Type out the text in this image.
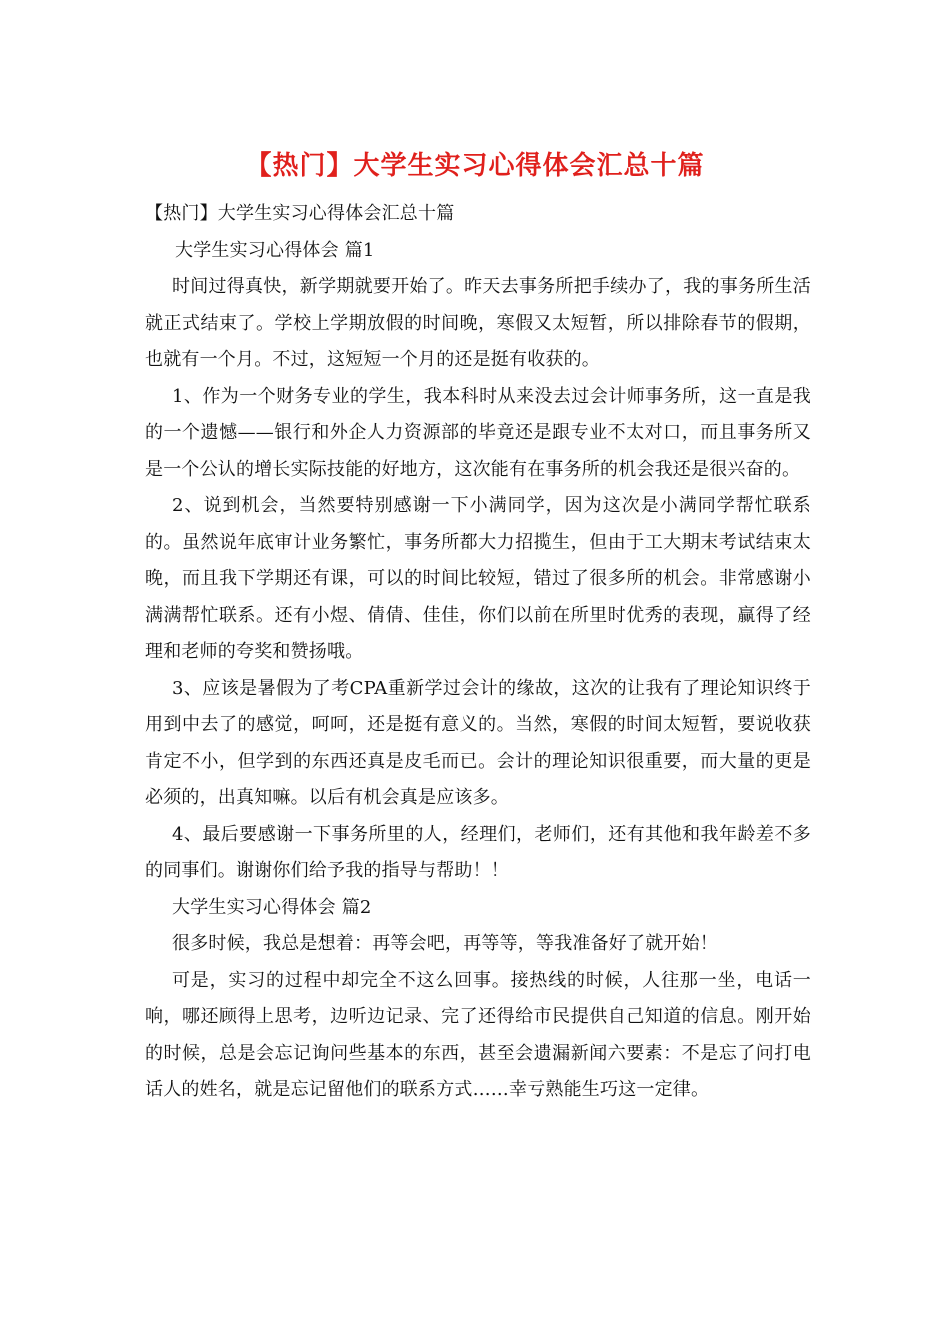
【热门】大学生实习心得体会汇总十篇

【热门】大学生实习心得体会汇总十篇

大学生实习心得体会 篇1

时间过得真快，新学期就要开始了。昨天去事务所把手续办了，我的事务所生活就正式结束了。学校上学期放假的时间晚，寒假又太短暂，所以排除春节的假期，也就有一个月。不过，这短短一个月的还是挺有收获的。

1、作为一个财务专业的学生，我本科时从来没去过会计师事务所，这一直是我的一个遗憾——银行和外企人力资源部的毕竟还是跟专业不太对口，而且事务所又是一个公认的增长实际技能的好地方，这次能有在事务所的机会我还是很兴奋的。

2、说到机会，当然要特别感谢一下小满同学，因为这次是小满同学帮忙联系的。虽然说年底审计业务繁忙，事务所都大力招揽生，但由于工大期末考试结束太晚，而且我下学期还有课，可以的时间比较短，错过了很多所的机会。非常感谢小满满帮忙联系。还有小煜、倩倩、佳佳，你们以前在所里时优秀的表现，赢得了经理和老师的夸奖和赞扬哦。

3、应该是暑假为了考CPA重新学过会计的缘故，这次的让我有了理论知识终于用到中去了的感觉，呵呵，还是挺有意义的。当然，寒假的时间太短暂，要说收获肯定不小，但学到的东西还真是皮毛而已。会计的理论知识很重要，而大量的更是必须的，出真知嘛。以后有机会真是应该多。

4、最后要感谢一下事务所里的人，经理们，老师们，还有其他和我年龄差不多的同事们。谢谢你们给予我的指导与帮助！！

大学生实习心得体会 篇2

很多时候，我总是想着：再等会吧，再等等，等我准备好了就开始！

可是，实习的过程中却完全不这么回事。接热线的时候，人往那一坐，电话一响，哪还顾得上思考，边听边记录、完了还得给市民提供自己知道的信息。刚开始的时候，总是会忘记询问些基本的东西，甚至会遗漏新闻六要素：不是忘了问打电话人的姓名，就是忘记留他们的联系方式……幸亏熟能生巧这一定律。
